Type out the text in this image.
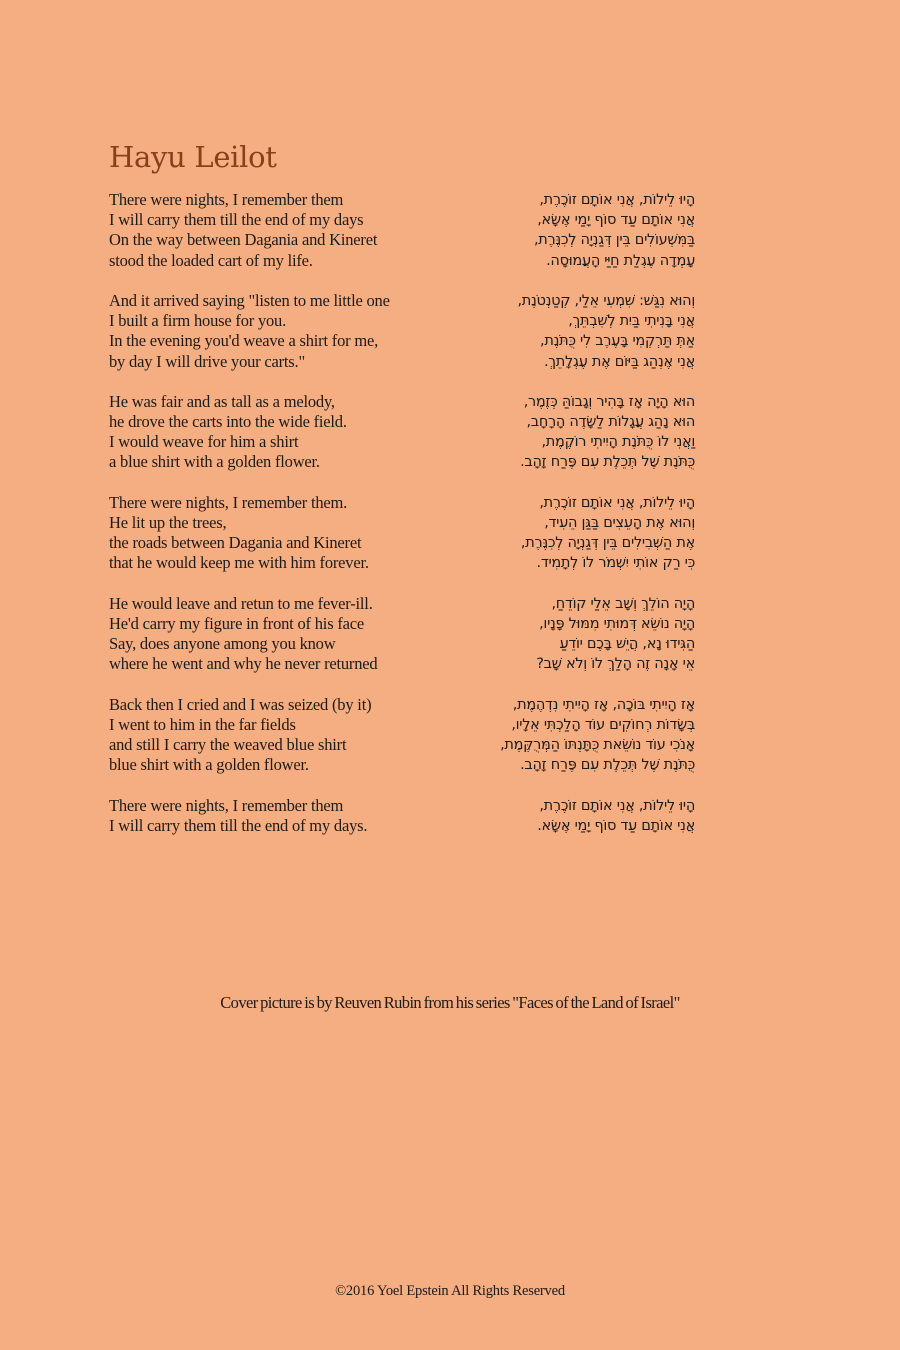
Hayu Leilot
There were nights, I remember them
I will carry them till the end of my days
On the way between Dagania and Kineret
stood the loaded cart of my life.
הָיוּ לֵילוֹת, אֲנִי אוֹתָם זוֹכֶרֶת,
אֲנִי אוֹתָם עַד סוֹף יָמַי אֶשָּׂא,
בַּמִּשְׁעוֹלִים בֵּין דְּגַנְיָה לְכִנֶּרֶת,
עָמְדָה עֶגְלַת חַיַּי הָעֲמוּסָה.
And it arrived saying "listen to me little one
I built a firm house for you.
In the evening you'd weave a shirt for me,
by day I will drive your carts."
וְהוּא נִגַּשׁ: שִׁמְעִי אֵלַי, קְטַנְטֹנֶת,
אֲנִי בָּנִיתִי בַּיִת לְשִׁבְתֵּךְ,
אַתְּ תַּרְקְמִי בָּעֶרֶב לִי כֻּתֹּנֶת,
אֲנִי אֶנְהַג בַּיּוֹם אֶת עֶגְלָתֵךְ.
He was fair and as tall as a melody,
he drove the carts into the wide field.
I would weave for him a shirt
a blue shirt with a golden flower.
הוּא הָיָה אָז בָּהִיר וְגָבוֹהַּ כְּזֶמֶר,
הוּא נָהַג עֲגָלוֹת לַשָּׂדֶה הָרָחָב,
וַאֲנִי לוֹ כֻּתֹּנֶת הָיִיתִי רוֹקֶמֶת,
כֻּתֹּנֶת שֶׁל תְּכֵלֶת עִם פֶּרַח זָהָב.
There were nights, I remember them.
He lit up the trees,
the roads between Dagania and Kineret
that he would keep me with him forever.
הָיוּ לֵילוֹת, אֲנִי אוֹתָם זוֹכֶרֶת,
וְהוּא אֶת הָעֵצִים בַּגַּן הֵעִיד,
אֶת הַשְּׁבִילִים בֵּין דְּגַנְיָה לְכִנֶּרֶת,
כִּי רַק אוֹתִי יִשְׁמֹר לוֹ לְתָמִיד.
He would leave and retun to me fever-ill.
He'd carry my figure in front of his face
Say, does anyone among you know
where he went and why he never returned
הָיָה הוֹלֵךְ וְשָׁב אֵלַי קוֹדֵחַ,
הָיָה נוֹשֵׂא דְּמוּתִי מִמּוּל פָּנָיו,
הַגִּידוּ נָא, הֲיֵשׁ בָּכֶם יוֹדֵעַ
אֵי אָנָה זֶה הָלַךְ לוֹ וְלֹא שָׁב?
Back then I cried and I was seized (by it)
I went to him in the far fields
and still I carry the weaved blue shirt
blue shirt with a golden flower.
אָז הָיִיתִי בּוֹכָה, אָז הָיִיתִי נִדְהֶמֶת,
בְּשָׂדוֹת רְחוֹקִים עוֹד הָלַכְתִּי אֵלָיו,
אָנֹכִי עוֹד נוֹשֵׂאת כֻּתָּנְתּוֹ הַמְּרֻקֶּמֶת,
כֻּתֹּנֶת שֶׁל תְּכֵלֶת עִם פֶּרַח זָהָב.
There were nights, I remember them
I will carry them till the end of my days.
הָיוּ לֵילוֹת, אֲנִי אוֹתָם זוֹכֶרֶת,
אֲנִי אוֹתָם עַד סוֹף יָמַי אֶשָּׂא.
Cover picture is by Reuven Rubin from his series "Faces of the Land of Israel"
©2016 Yoel Epstein All Rights Reserved
